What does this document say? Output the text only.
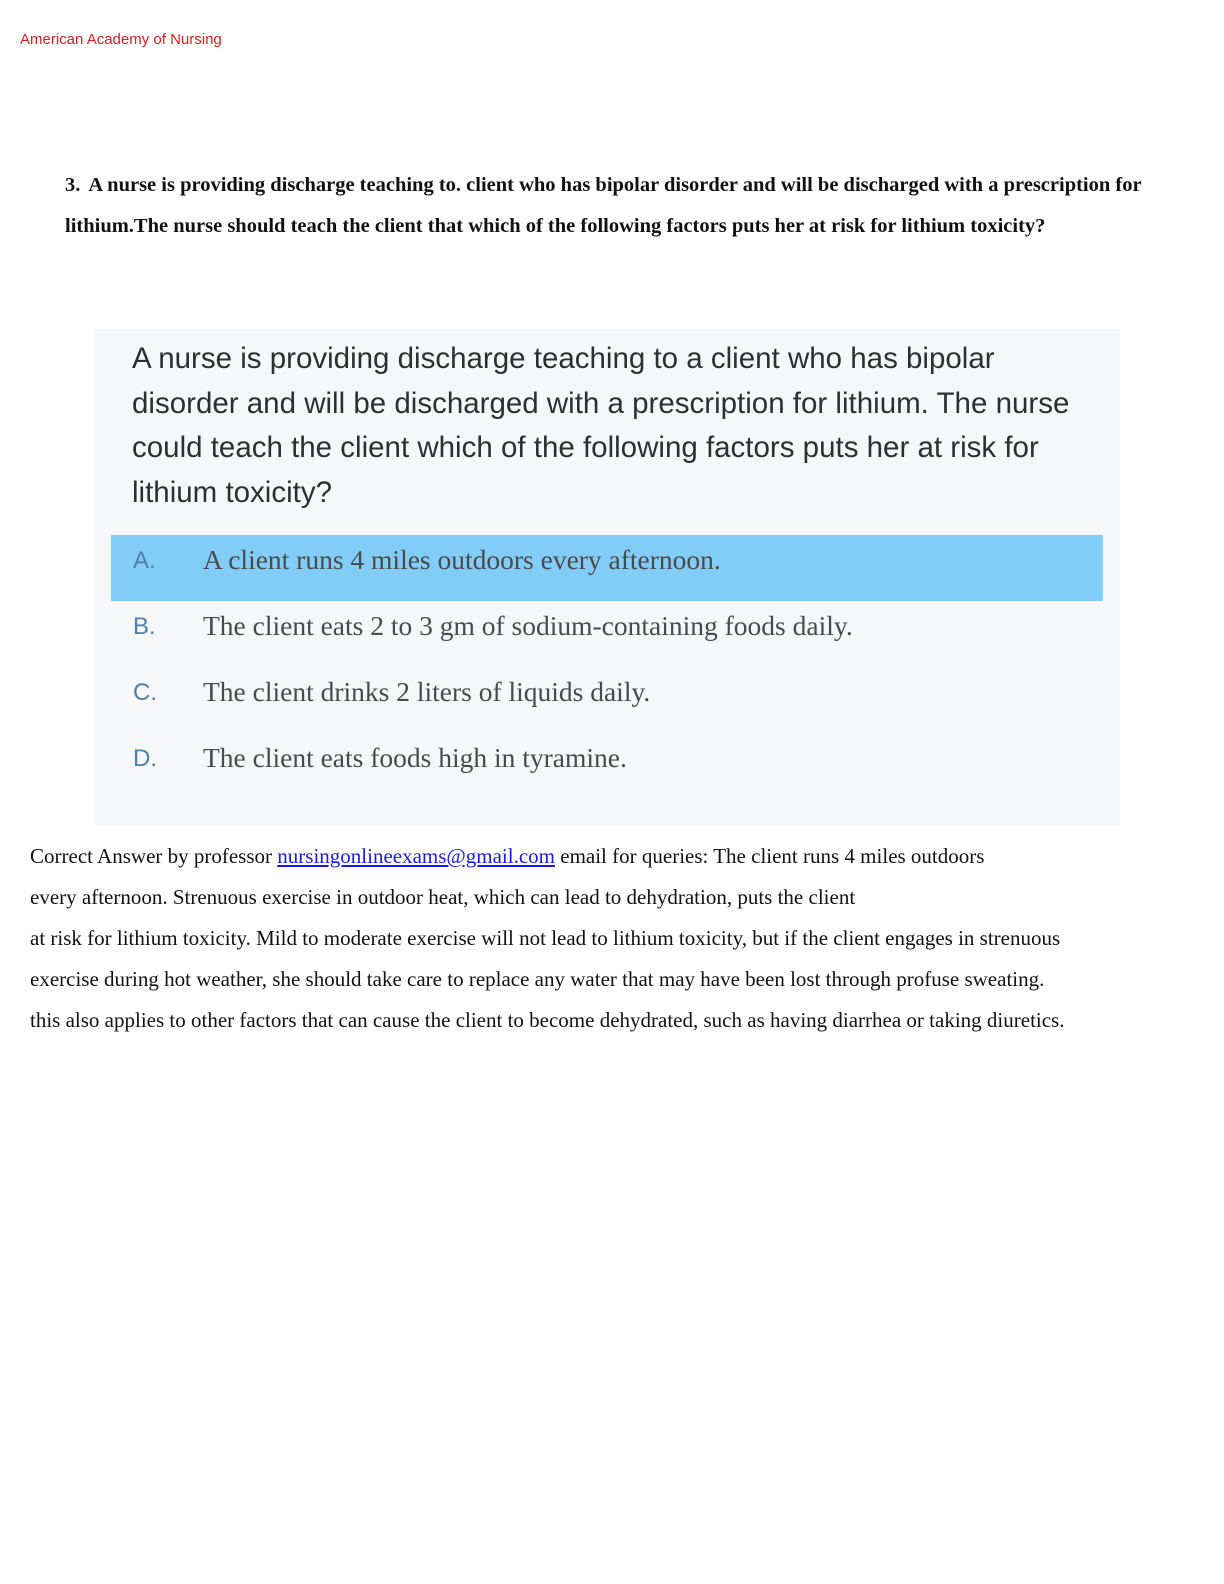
American Academy of Nursing

3. A nurse is providing discharge teaching to. client who has bipolar disorder and will be discharged with a prescription for lithium.The nurse should teach the client that which of the following factors puts her at risk for lithium toxicity?

A nurse is providing discharge teaching to a client who has bipolar disorder and will be discharged with a prescription for lithium. The nurse could teach the client which of the following factors puts her at risk for lithium toxicity?

A. A client runs 4 miles outdoors every afternoon.
B. The client eats 2 to 3 gm of sodium-containing foods daily.
C. The client drinks 2 liters of liquids daily.
D. The client eats foods high in tyramine.

Correct Answer by professor nursingonlineexams@gmail.com email for queries: The client runs 4 miles outdoors
every afternoon. Strenuous exercise in outdoor heat, which can lead to dehydration, puts the client
at risk for lithium toxicity. Mild to moderate exercise will not lead to lithium toxicity, but if the client engages in strenuous
exercise during hot weather, she should take care to replace any water that may have been lost through profuse sweating.
this also applies to other factors that can cause the client to become dehydrated, such as having diarrhea or taking diuretics.
